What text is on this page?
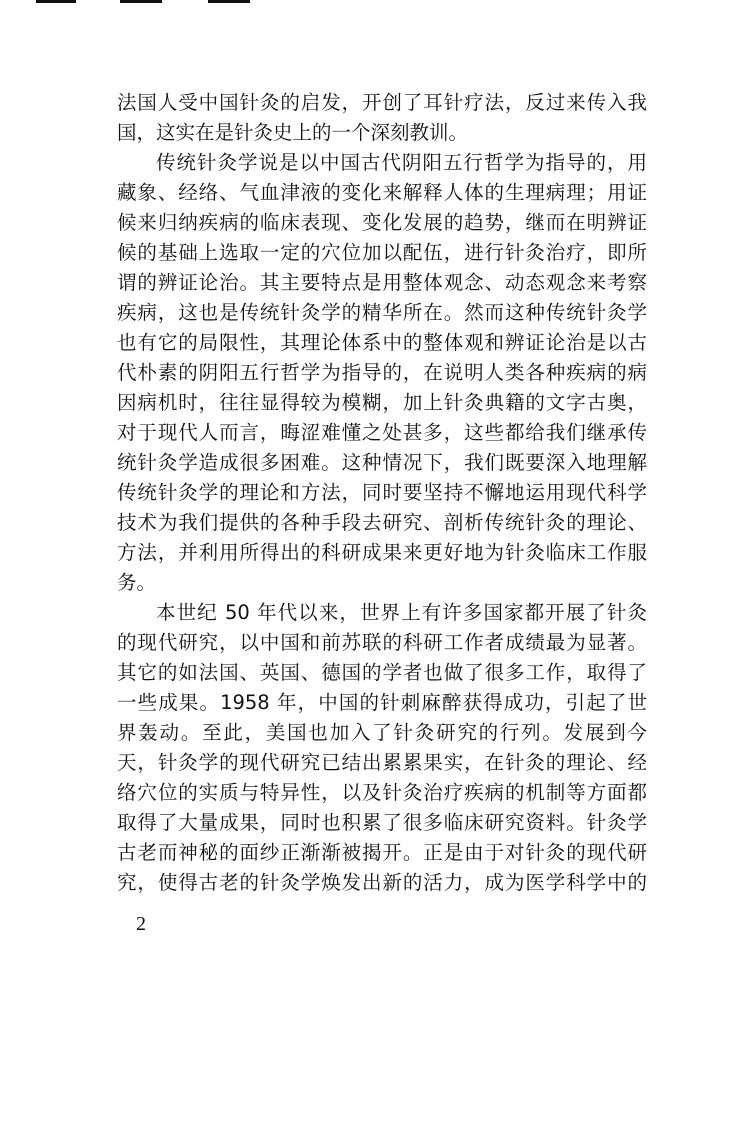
法国人受中国针灸的启发，开创了耳针疗法，反过来传入我
国，这实在是针灸史上的一个深刻教训。
传统针灸学说是以中国古代阴阳五行哲学为指导的，用
藏象、经络、气血津液的变化来解释人体的生理病理；用证
候来归纳疾病的临床表现、变化发展的趋势，继而在明辨证
候的基础上选取一定的穴位加以配伍，进行针灸治疗，即所
谓的辨证论治。其主要特点是用整体观念、动态观念来考察
疾病，这也是传统针灸学的精华所在。然而这种传统针灸学
也有它的局限性，其理论体系中的整体观和辨证论治是以古
代朴素的阴阳五行哲学为指导的，在说明人类各种疾病的病
因病机时，往往显得较为模糊，加上针灸典籍的文字古奥，
对于现代人而言，晦涩难懂之处甚多，这些都给我们继承传
统针灸学造成很多困难。这种情况下，我们既要深入地理解
传统针灸学的理论和方法，同时要坚持不懈地运用现代科学
技术为我们提供的各种手段去研究、剖析传统针灸的理论、
方法，并利用所得出的科研成果来更好地为针灸临床工作服
务。
本世纪 50 年代以来，世界上有许多国家都开展了针灸
的现代研究，以中国和前苏联的科研工作者成绩最为显著。
其它的如法国、英国、德国的学者也做了很多工作，取得了
一些成果。1958 年，中国的针刺麻醉获得成功，引起了世
界轰动。至此，美国也加入了针灸研究的行列。发展到今
天，针灸学的现代研究已结出累累果实，在针灸的理论、经
络穴位的实质与特异性，以及针灸治疗疾病的机制等方面都
取得了大量成果，同时也积累了很多临床研究资料。针灸学
古老而神秘的面纱正渐渐被揭开。正是由于对针灸的现代研
究，使得古老的针灸学焕发出新的活力，成为医学科学中的
2
